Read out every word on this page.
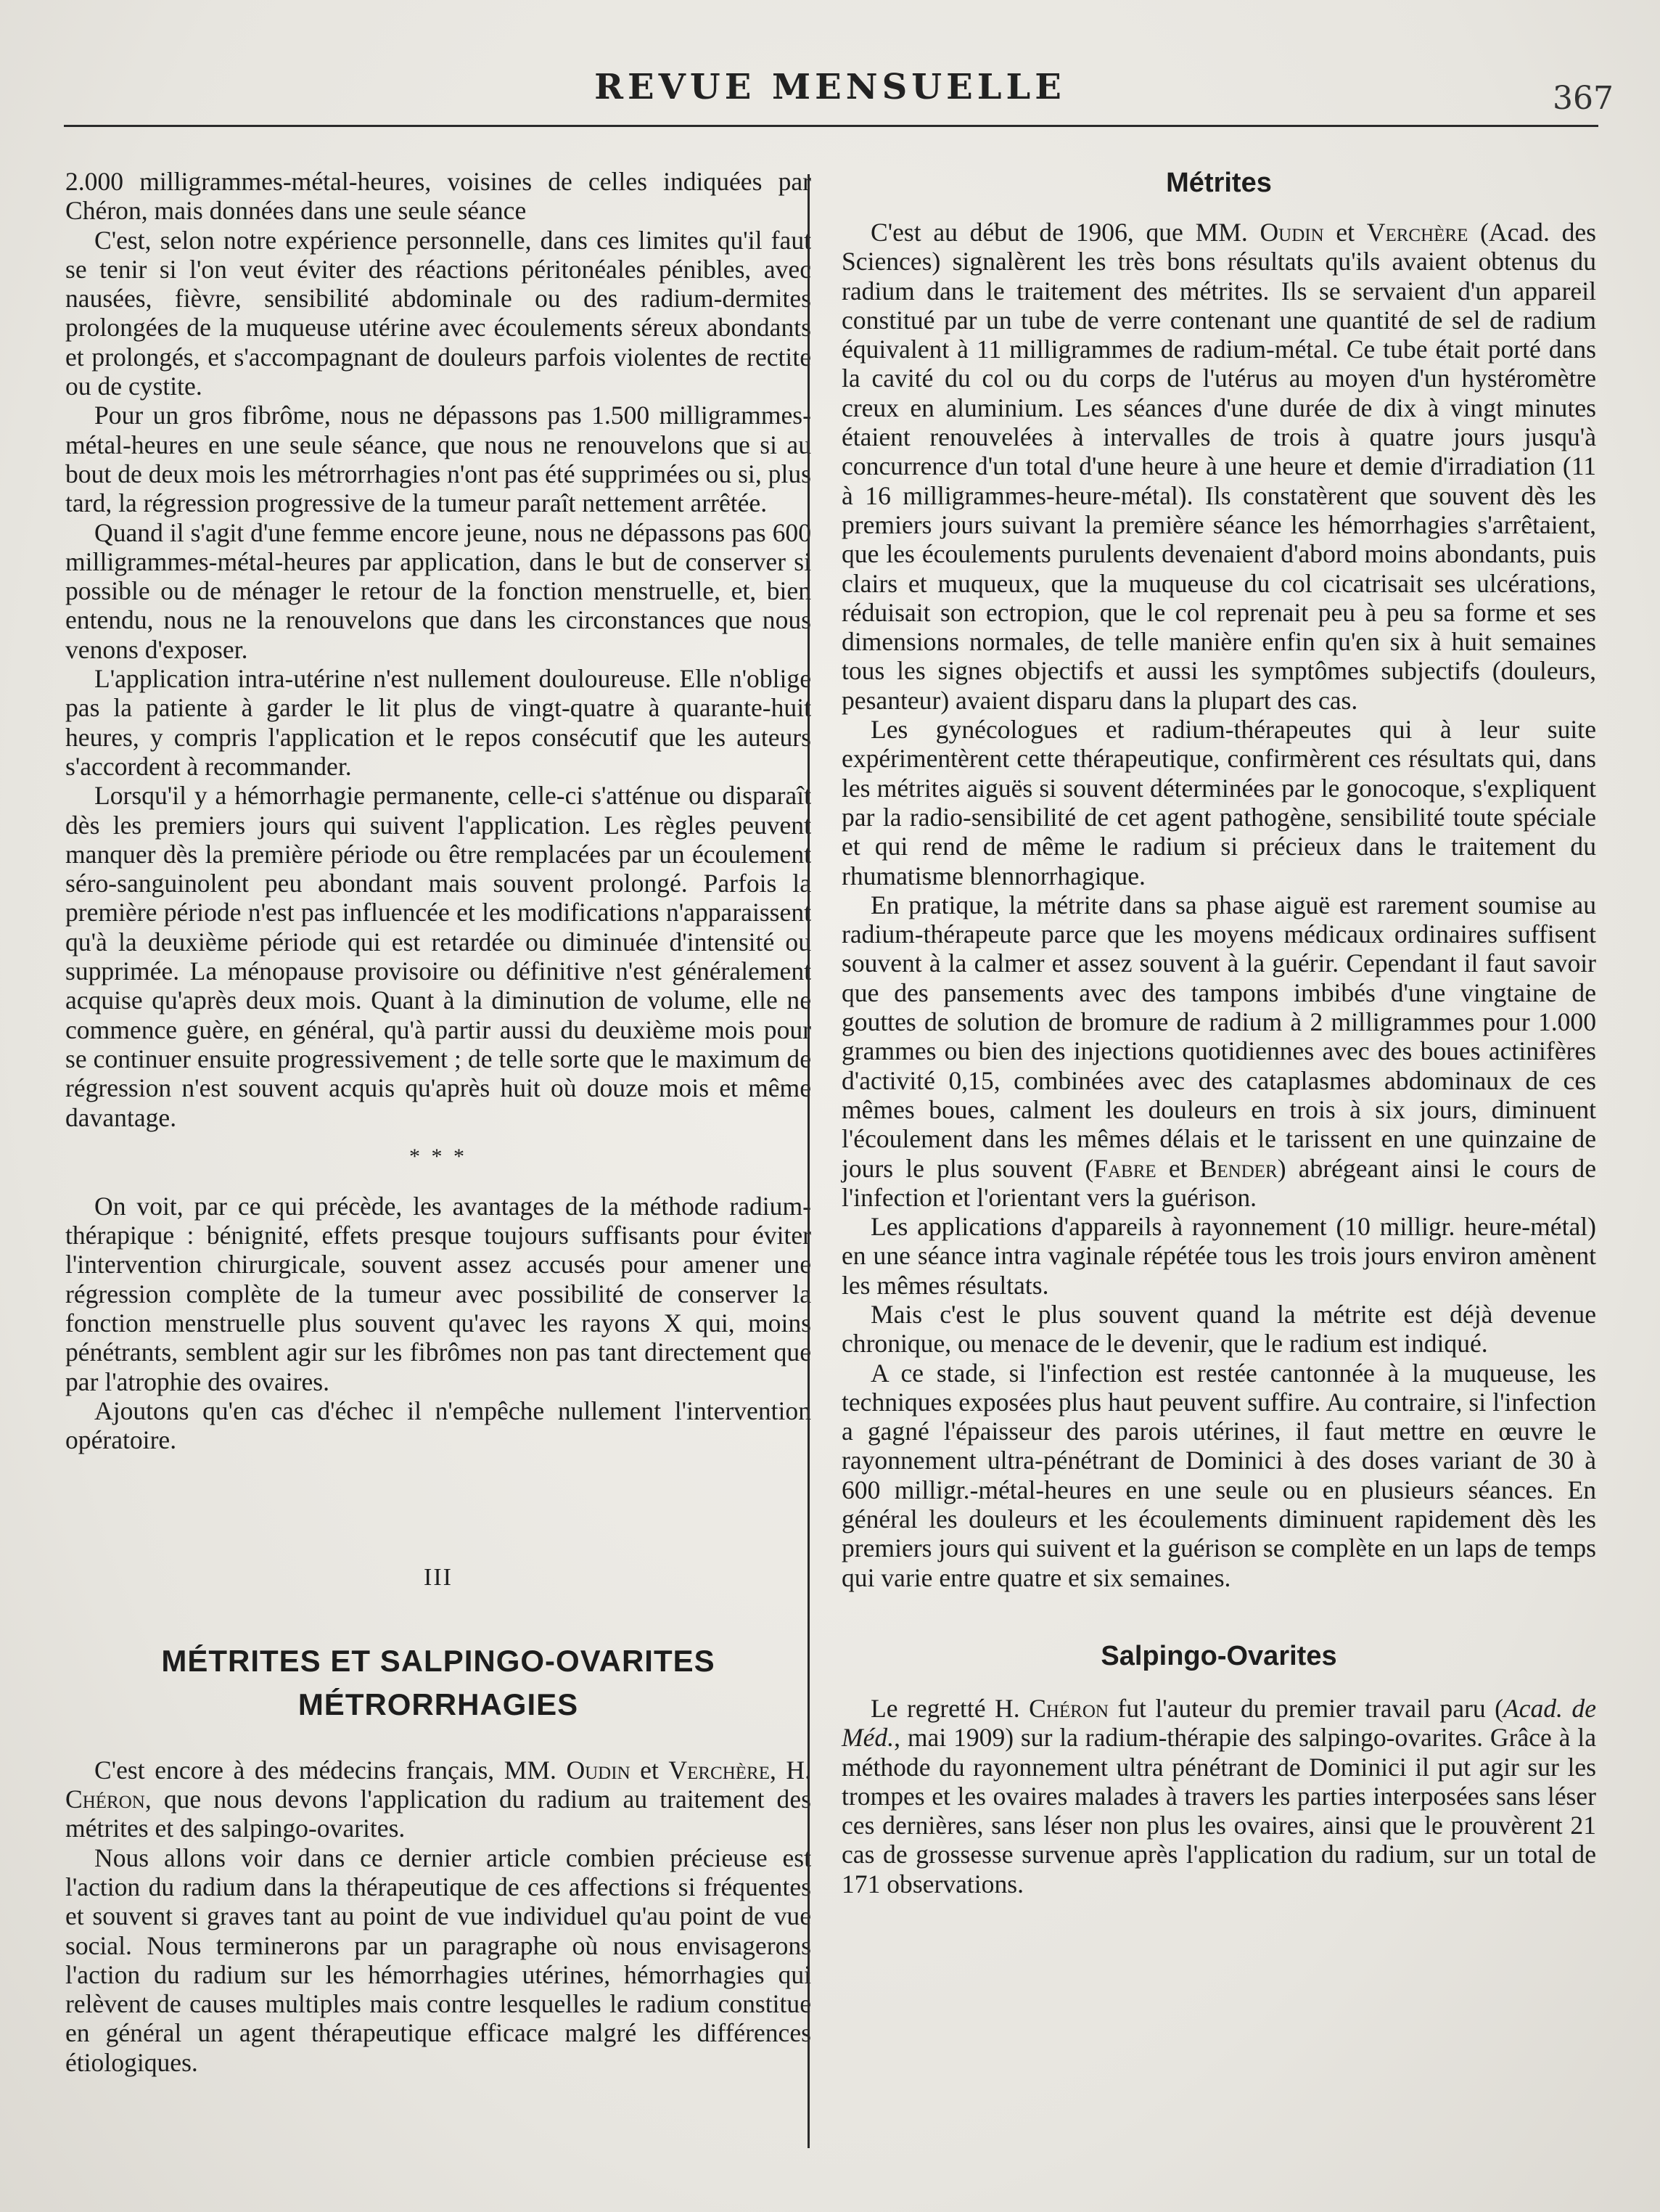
REVUE MENSUELLE	367

2.000 milligrammes-métal-heures, voisines de celles indiquées par Chéron, mais données dans une seule séance

C'est, selon notre expérience personnelle, dans ces limites qu'il faut se tenir si l'on veut éviter des réactions péritonéales pénibles, avec nausées, fièvre, sensibilité abdominale ou des radium-dermites prolongées de la muqueuse utérine avec écoulements séreux abondants et prolongés, et s'accompagnant de douleurs parfois violentes de rectite ou de cystite.

Pour un gros fibrôme, nous ne dépassons pas 1.500 milligrammes-métal-heures en une seule séance, que nous ne renouvelons que si au bout de deux mois les métrorrhagies n'ont pas été supprimées ou si, plus tard, la régression progressive de la tumeur paraît nettement arrêtée.

Quand il s'agit d'une femme encore jeune, nous ne dépassons pas 600 milligrammes-métal-heures par application, dans le but de conserver si possible ou de ménager le retour de la fonction menstruelle, et, bien entendu, nous ne la renouvelons que dans les circonstances que nous venons d'exposer.

L'application intra-utérine n'est nullement douloureuse. Elle n'oblige pas la patiente à garder le lit plus de vingt-quatre à quarante-huit heures, y compris l'application et le repos consécutif que les auteurs s'accordent à recommander.

Lorsqu'il y a hémorrhagie permanente, celle-ci s'atténue ou disparaît dès les premiers jours qui suivent l'application. Les règles peuvent manquer dès la première période ou être remplacées par un écoulement séro-sanguinolent peu abondant mais souvent prolongé. Parfois la première période n'est pas influencée et les modifications n'apparaissent qu'à la deuxième période qui est retardée ou diminuée d'intensité ou supprimée. La ménopause provisoire ou définitive n'est généralement acquise qu'après deux mois. Quant à la diminution de volume, elle ne commence guère, en général, qu'à partir aussi du deuxième mois pour se continuer ensuite progressivement ; de telle sorte que le maximum de régression n'est souvent acquis qu'après huit où douze mois et même davantage.

* * *

On voit, par ce qui précède, les avantages de la méthode radium-thérapique : bénignité, effets presque toujours suffisants pour éviter l'intervention chirurgicale, souvent assez accusés pour amener une régression complète de la tumeur avec possibilité de conserver la fonction menstruelle plus souvent qu'avec les rayons X qui, moins pénétrants, semblent agir sur les fibrômes non pas tant directement que par l'atrophie des ovaires.

Ajoutons qu'en cas d'échec il n'empêche nullement l'intervention opératoire.

III
MÉTRITES ET SALPINGO-OVARITES
MÉTRORRHAGIES

C'est encore à des médecins français, MM. Oudin et Verchère, H. Chéron, que nous devons l'application du radium au traitement des métrites et des salpingo-ovarites.

Nous allons voir dans ce dernier article combien précieuse est l'action du radium dans la thérapeutique de ces affections si fréquentes et souvent si graves tant au point de vue individuel qu'au point de vue social. Nous terminerons par un paragraphe où nous envisagerons l'action du radium sur les hémorrhagies utérines, hémorrhagies qui relèvent de causes multiples mais contre lesquelles le radium constitue en général un agent thérapeutique efficace malgré les différences étiologiques.

Métrites

C'est au début de 1906, que MM. Oudin et Verchère (Acad. des Sciences) signalèrent les très bons résultats qu'ils avaient obtenus du radium dans le traitement des métrites. Ils se servaient d'un appareil constitué par un tube de verre contenant une quantité de sel de radium équivalent à 11 milligrammes de radium-métal. Ce tube était porté dans la cavité du col ou du corps de l'utérus au moyen d'un hystéromètre creux en aluminium. Les séances d'une durée de dix à vingt minutes étaient renouvelées à intervalles de trois à quatre jours jusqu'à concurrence d'un total d'une heure à une heure et demie d'irradiation (11 à 16 milligrammes-heure-métal). Ils constatèrent que souvent dès les premiers jours suivant la première séance les hémorrhagies s'arrêtaient, que les écoulements purulents devenaient d'abord moins abondants, puis clairs et muqueux, que la muqueuse du col cicatrisait ses ulcérations, réduisait son ectropion, que le col reprenait peu à peu sa forme et ses dimensions normales, de telle manière enfin qu'en six à huit semaines tous les signes objectifs et aussi les symptômes subjectifs (douleurs, pesanteur) avaient disparu dans la plupart des cas.

Les gynécologues et radium-thérapeutes qui à leur suite expérimentèrent cette thérapeutique, confirmèrent ces résultats qui, dans les métrites aiguës si souvent déterminées par le gonocoque, s'expliquent par la radio-sensibilité de cet agent pathogène, sensibilité toute spéciale et qui rend de même le radium si précieux dans le traitement du rhumatisme blennorrhagique.

En pratique, la métrite dans sa phase aiguë est rarement soumise au radium-thérapeute parce que les moyens médicaux ordinaires suffisent souvent à la calmer et assez souvent à la guérir. Cependant il faut savoir que des pansements avec des tampons imbibés d'une vingtaine de gouttes de solution de bromure de radium à 2 milligrammes pour 1.000 grammes ou bien des injections quotidiennes avec des boues actinifères d'activité 0,15, combinées avec des cataplasmes abdominaux de ces mêmes boues, calment les douleurs en trois à six jours, diminuent l'écoulement dans les mêmes délais et le tarissent en une quinzaine de jours le plus souvent (Fabre et Bender) abrégeant ainsi le cours de l'infection et l'orientant vers la guérison.

Les applications d'appareils à rayonnement (10 milligr. heure-métal) en une séance intra vaginale répétée tous les trois jours environ amènent les mêmes résultats.

Mais c'est le plus souvent quand la métrite est déjà devenue chronique, ou menace de le devenir, que le radium est indiqué.

A ce stade, si l'infection est restée cantonnée à la muqueuse, les techniques exposées plus haut peuvent suffire. Au contraire, si l'infection a gagné l'épaisseur des parois utérines, il faut mettre en œuvre le rayonnement ultra-pénétrant de Dominici à des doses variant de 30 à 600 milligr.-métal-heures en une seule ou en plusieurs séances. En général les douleurs et les écoulements diminuent rapidement dès les premiers jours qui suivent et la guérison se complète en un laps de temps qui varie entre quatre et six semaines.

Salpingo-Ovarites

Le regretté H. Chéron fut l'auteur du premier travail paru (Acad. de Méd., mai 1909) sur la radium-thérapie des salpingo-ovarites. Grâce à la méthode du rayonnement ultra pénétrant de Dominici il put agir sur les trompes et les ovaires malades à travers les parties interposées sans léser ces dernières, sans léser non plus les ovaires, ainsi que le prouvèrent 21 cas de grossesse survenue après l'application du radium, sur un total de 171 observations.
